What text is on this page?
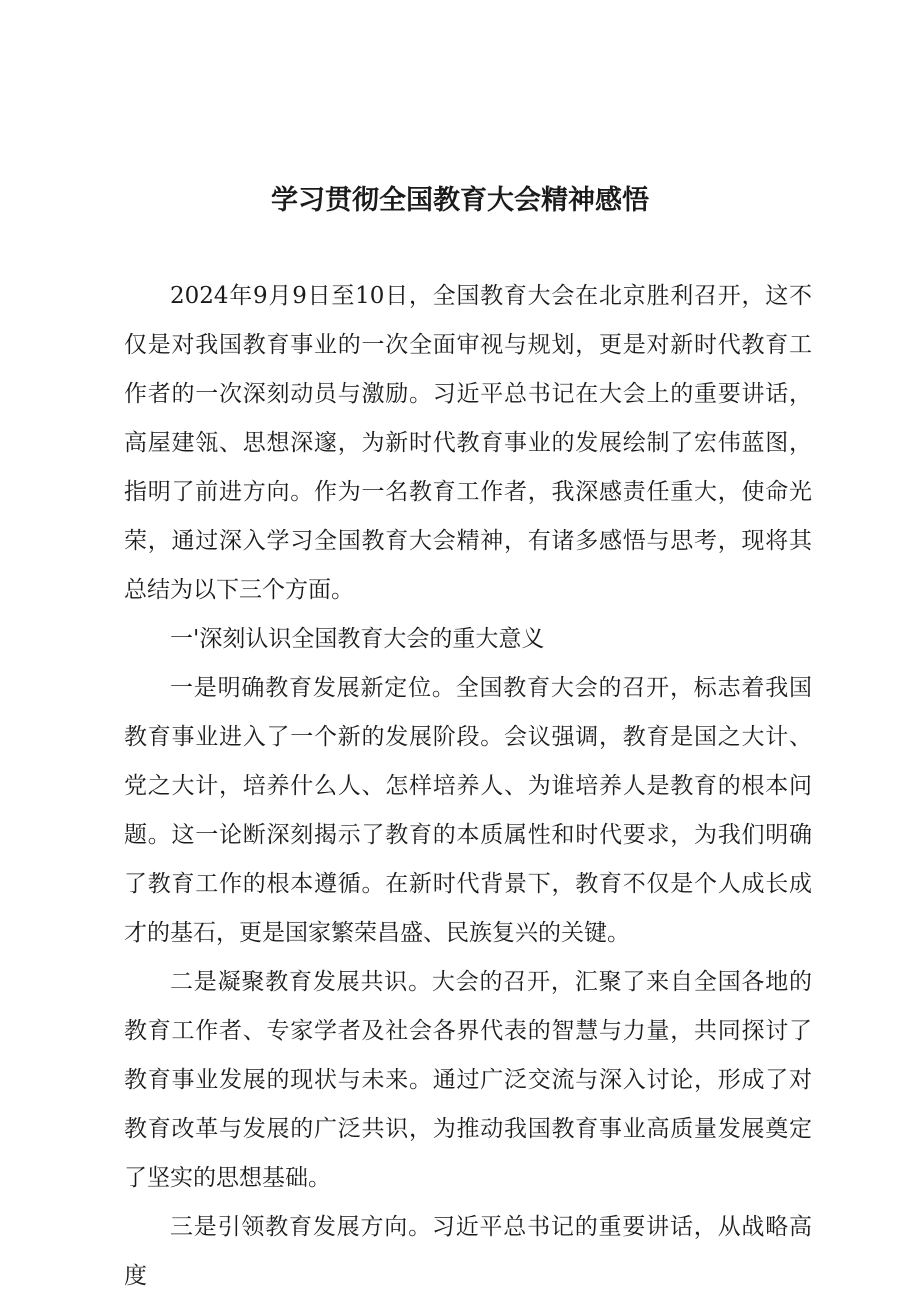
学习贯彻全国教育大会精神感悟

2024年9月9日至10日，全国教育大会在北京胜利召开，这不仅是对我国教育事业的一次全面审视与规划，更是对新时代教育工作者的一次深刻动员与激励。习近平总书记在大会上的重要讲话，高屋建瓴、思想深邃，为新时代教育事业的发展绘制了宏伟蓝图，指明了前进方向。作为一名教育工作者，我深感责任重大，使命光荣，通过深入学习全国教育大会精神，有诸多感悟与思考，现将其总结为以下三个方面。

一'深刻认识全国教育大会的重大意义

一是明确教育发展新定位。全国教育大会的召开，标志着我国教育事业进入了一个新的发展阶段。会议强调，教育是国之大计、党之大计，培养什么人、怎样培养人、为谁培养人是教育的根本问题。这一论断深刻揭示了教育的本质属性和时代要求，为我们明确了教育工作的根本遵循。在新时代背景下，教育不仅是个人成长成才的基石，更是国家繁荣昌盛、民族复兴的关键。

二是凝聚教育发展共识。大会的召开，汇聚了来自全国各地的教育工作者、专家学者及社会各界代表的智慧与力量，共同探讨了教育事业发展的现状与未来。通过广泛交流与深入讨论，形成了对教育改革与发展的广泛共识，为推动我国教育事业高质量发展奠定了坚实的思想基础。

三是引领教育发展方向。习近平总书记的重要讲话，从战略高度
